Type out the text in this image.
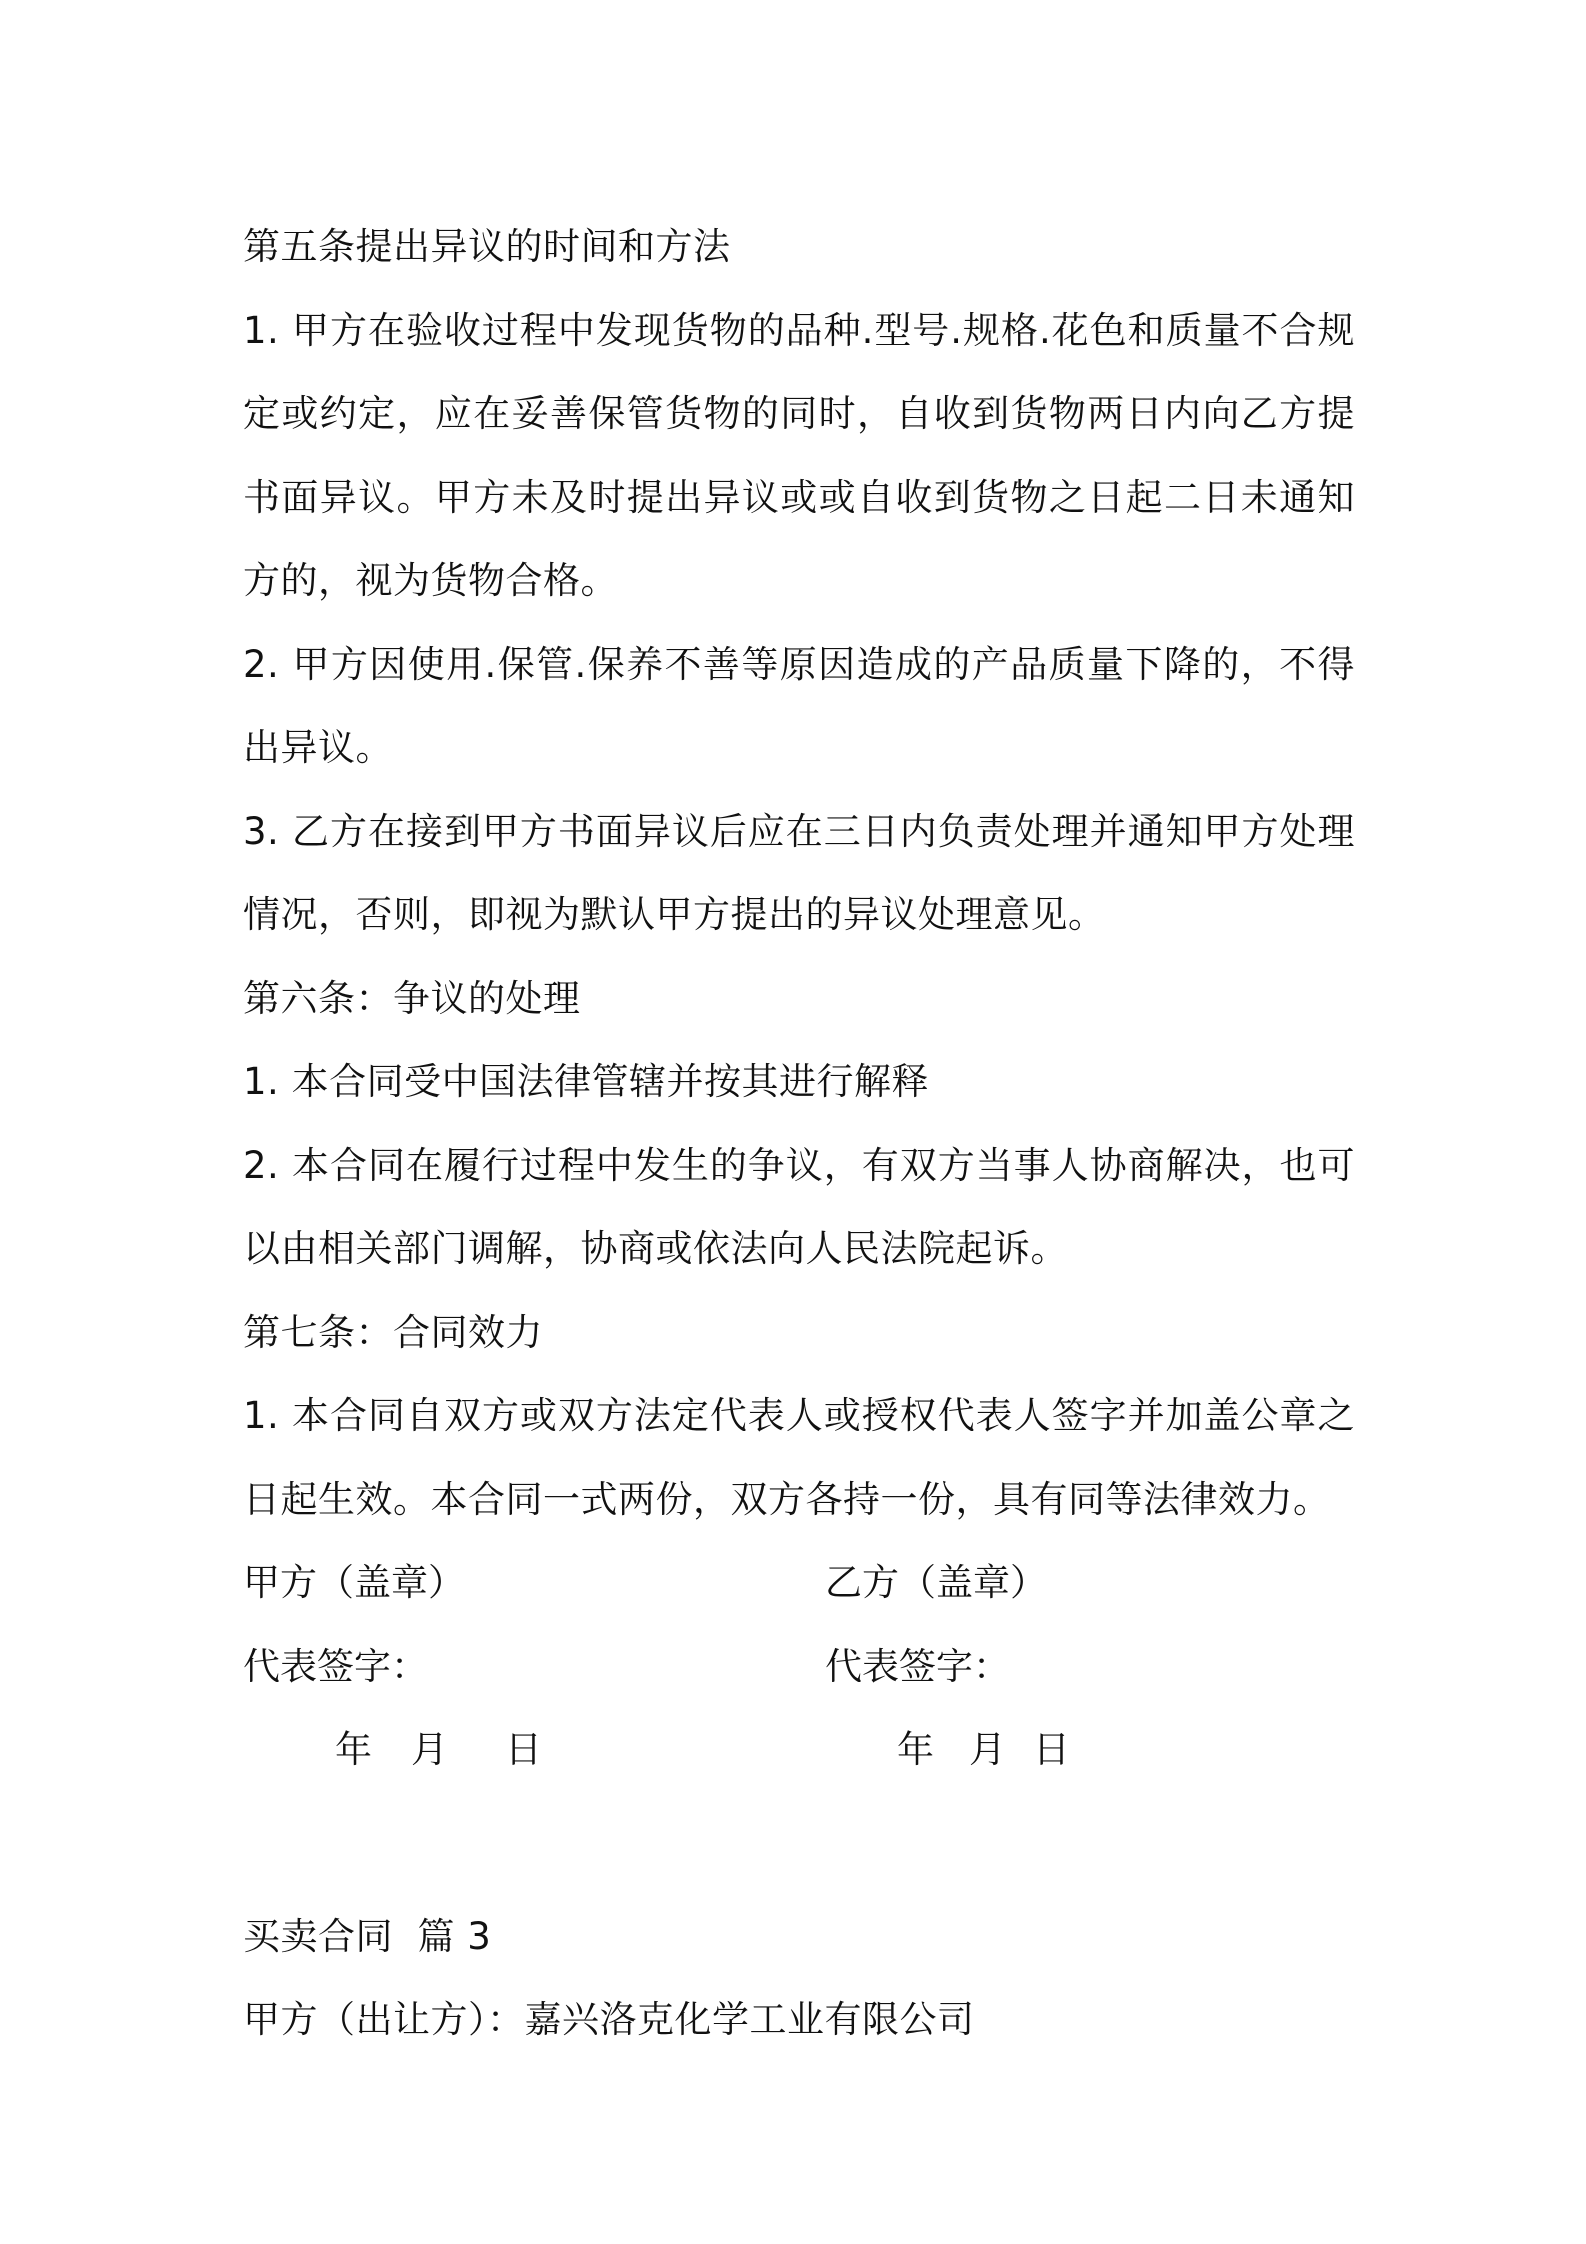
第五条提出异议的时间和方法
1. 甲方在验收过程中发现货物的品种.型号.规格.花色和质量不合规
定或约定，应在妥善保管货物的同时，自收到货物两日内向乙方提
书面异议。甲方未及时提出异议或或自收到货物之日起二日未通知
方的，视为货物合格。
2. 甲方因使用.保管.保养不善等原因造成的产品质量下降的，不得
出异议。
3. 乙方在接到甲方书面异议后应在三日内负责处理并通知甲方处理
情况，否则，即视为默认甲方提出的异议处理意见。
第六条：争议的处理
1. 本合同受中国法律管辖并按其进行解释
2. 本合同在履行过程中发生的争议，有双方当事人协商解决，也可
以由相关部门调解，协商或依法向人民法院起诉。
第七条：合同效力
1. 本合同自双方或双方法定代表人或授权代表人签字并加盖公章之
日起生效。本合同一式两份，双方各持一份，具有同等法律效力。
甲方（盖章）	乙方（盖章）
代表签字：	代表签字：
年 月 日	年 月 日
买卖合同  篇 3
甲方（出让方）：嘉兴洛克化学工业有限公司
